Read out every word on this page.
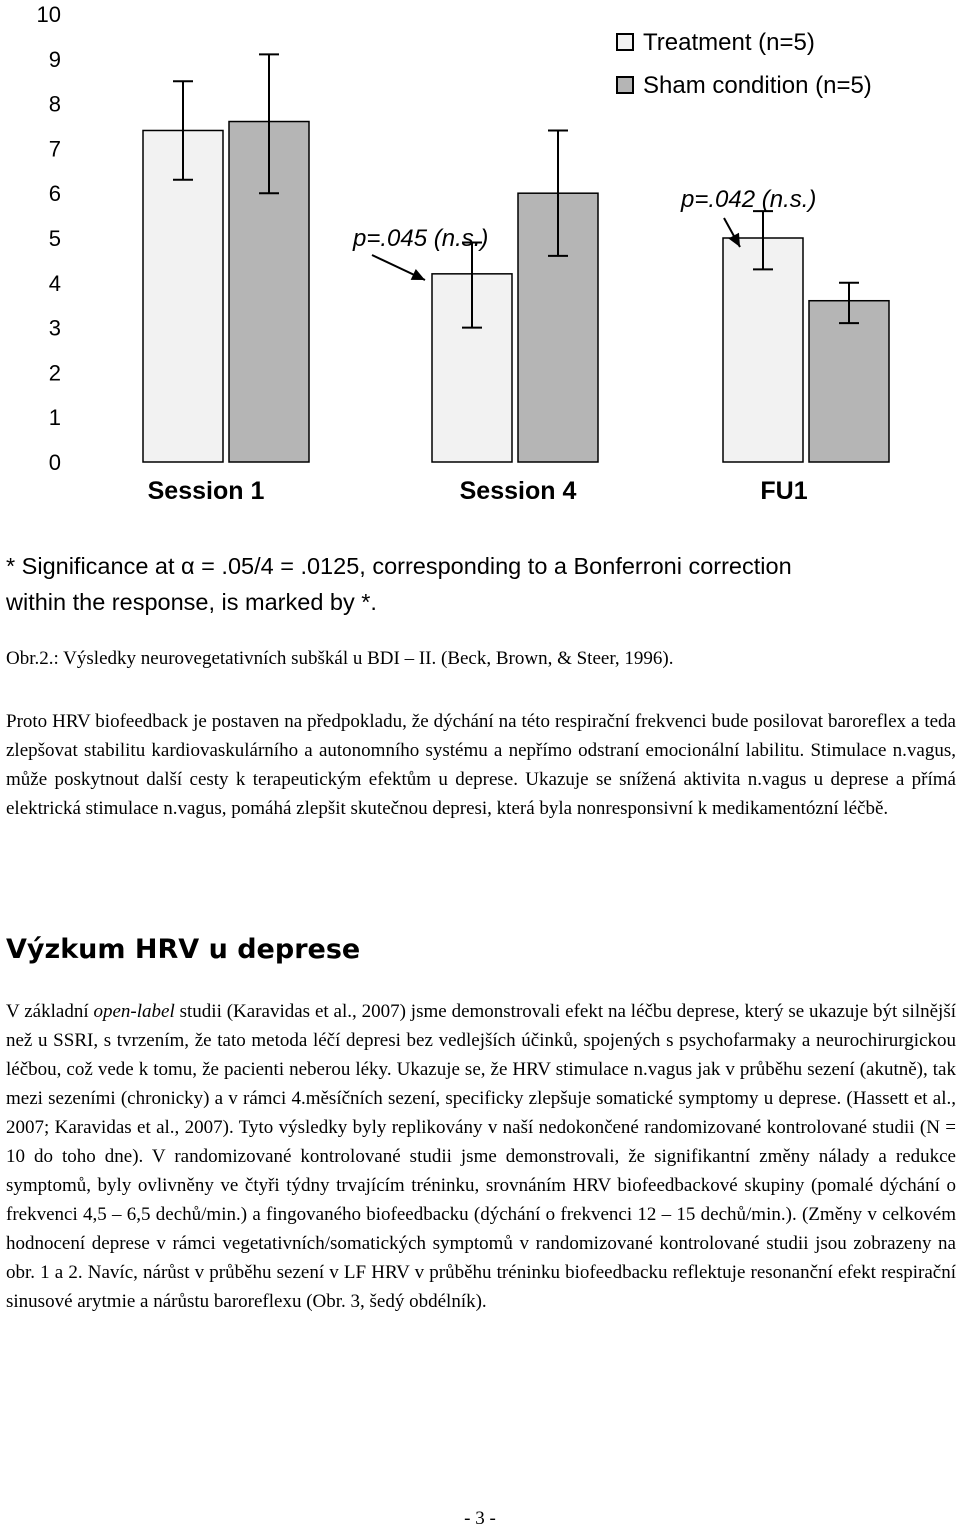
0
1
2
3
4
5
6
7
8
9
10
Session 1	Session 4	FU1
Treatment (n=5)
Sham condition (n=5)
p=.045 (n.s.)
p=.042 (n.s.)
* Significance at α = .05/4 = .0125, corresponding to a Bonferroni correction
within the response, is marked by *.
Obr.2.: Výsledky neurovegetativních subškál u BDI – II. (Beck, Brown, & Steer, 1996).

Proto HRV biofeedback je postaven na předpokladu, že dýchání na této respirační frekvenci bude posilovat baroreflex a teda zlepšovat stabilitu kardiovaskulárního a autonomního systému a nepřímo odstraní emocionální labilitu. Stimulace n.vagus, může poskytnout další cesty k terapeutickým efektům u deprese. Ukazuje se snížená aktivita n.vagus u deprese a přímá elektrická stimulace n.vagus, pomáhá zlepšit skutečnou depresi, která byla nonresponsivní k medikamentózní léčbě.

Výzkum HRV u deprese

V základní open-label studii (Karavidas et al., 2007) jsme demonstrovali efekt na léčbu deprese, který se ukazuje být silnější než u SSRI, s tvrzením, že tato metoda léčí depresi bez vedlejších účinků, spojených s psychofarmaky a neurochirurgickou léčbou, což vede k tomu, že pacienti neberou léky. Ukazuje se, že HRV stimulace n.vagus jak v průběhu sezení (akutně), tak mezi sezeními (chronicky) a v rámci 4.měsíčních sezení, specificky zlepšuje somatické symptomy u deprese. (Hassett et al., 2007; Karavidas et al., 2007). Tyto výsledky byly replikovány v naší nedokončené randomizované kontrolované studii (N = 10 do toho dne). V randomizované kontrolované studii jsme demonstrovali, že signifikantní změny nálady a redukce symptomů, byly ovlivněny ve čtyři týdny trvajícím tréninku, srovnáním HRV biofeedbackové skupiny (pomalé dýchání o frekvenci 4,5 – 6,5 dechů/min.) a fingovaného biofeedbacku (dýchání o frekvenci 12 – 15 dechů/min.). (Změny v celkovém hodnocení deprese v rámci vegetativních/somatických symptomů v randomizované kontrolované studii jsou zobrazeny na obr. 1 a 2. Navíc, nárůst v průběhu sezení v LF HRV v průběhu tréninku biofeedbacku reflektuje resonanční efekt respirační sinusové arytmie a nárůstu baroreflexu (Obr. 3, šedý obdélník).

- 3 -
